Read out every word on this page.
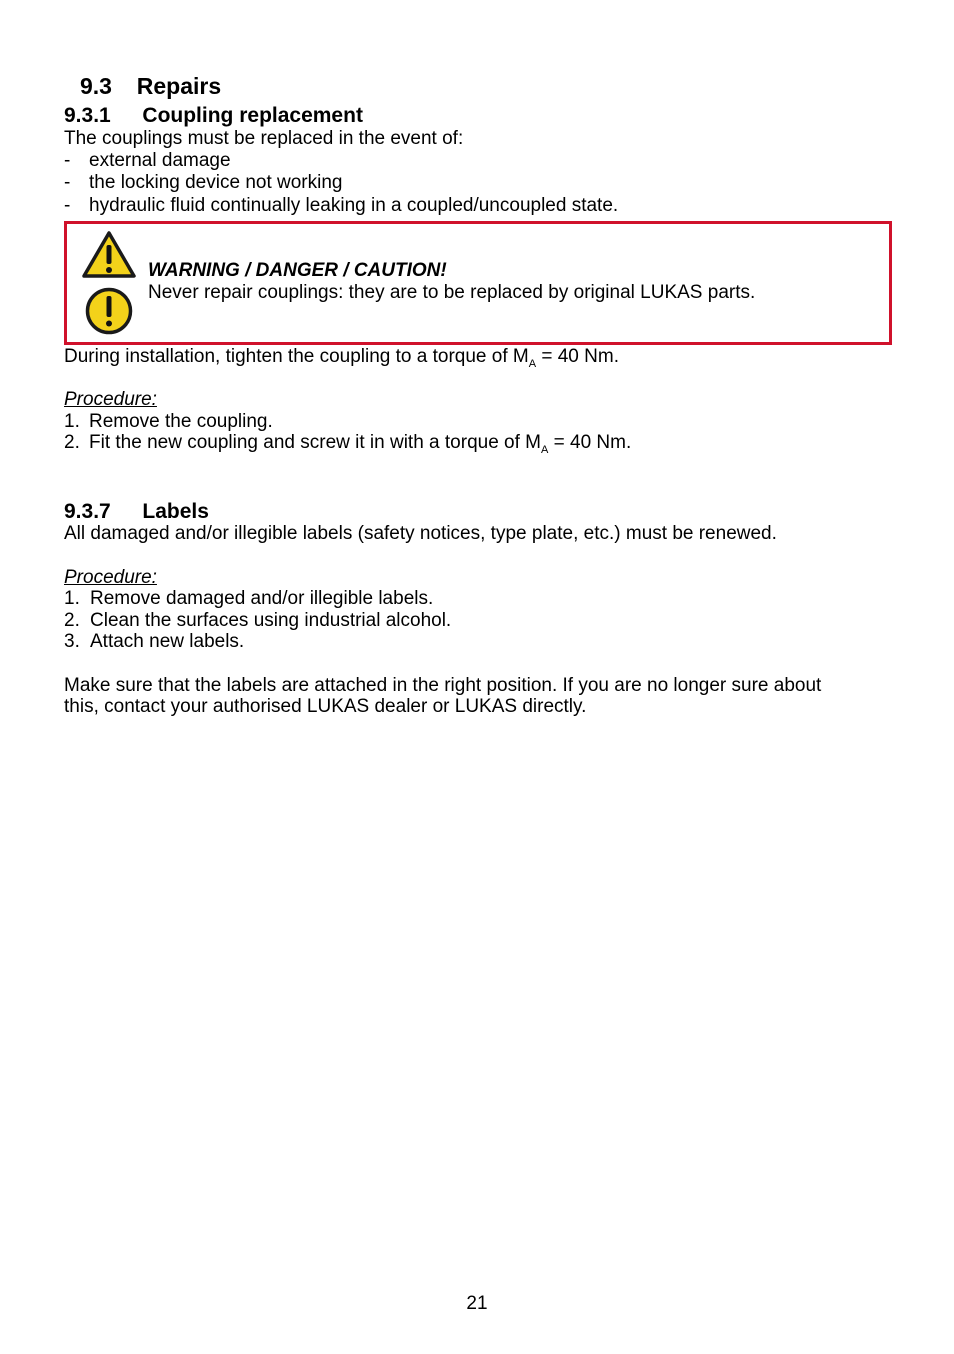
9.3 Repairs
9.3.1 Coupling replacement
The couplings must be replaced in the event of:
- external damage
- the locking device not working
- hydraulic fluid continually leaking in a coupled/uncoupled state.
WARNING / DANGER / CAUTION!
Never repair couplings: they are to be replaced by original LUKAS parts.
During installation, tighten the coupling to a torque of $M_A = 40$ Nm.
Procedure:
1. Remove the coupling.
2. Fit the new coupling and screw it in with a torque of $M_A = 40$ Nm.
9.3.7 Labels
All damaged and/or illegible labels (safety notices, type plate, etc.) must be renewed.
Procedure:
1. Remove damaged and/or illegible labels.
2. Clean the surfaces using industrial alcohol.
3. Attach new labels.
Make sure that the labels are attached in the right position. If you are no longer sure about
this, contact your authorised LUKAS dealer or LUKAS directly.
21
